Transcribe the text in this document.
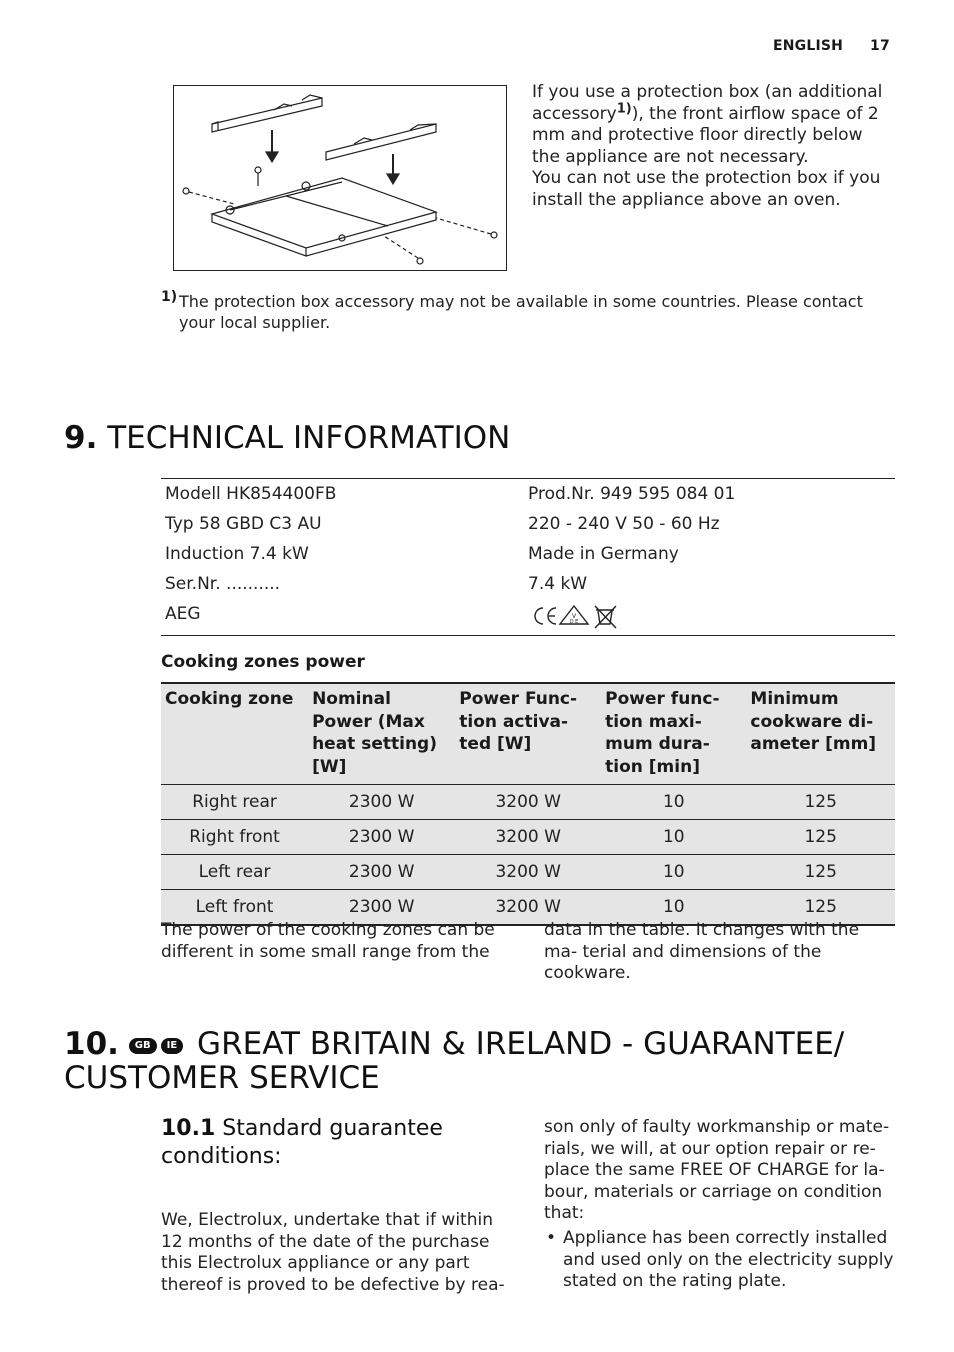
ENGLISH 17
If you use a protection box (an additional accessory$^{1)}$), the front airflow space of 2 mm and protective floor directly below the appliance are not necessary.
You can not use the protection box if you install the appliance above an oven.
1) The protection box accessory may not be available in some countries. Please contact your local supplier.
9. TECHNICAL INFORMATION
Modell HK854400FB	Prod.Nr. 949 595 084 01
Typ 58 GBD C3 AU	220 - 240 V 50 - 60 Hz
Induction 7.4 kW	Made in Germany
Ser.Nr. ..........	7.4 kW
AEG	V
D E
Cooking zones power
Cooking zone	Nominal Power (Max heat setting) [W]	Power Func- tion activa- ted [W]	Power func- tion maxi- mum dura- tion [min]	Minimum cookware di- ameter [mm]
Right rear	2300 W	3200 W	10	125
Right front	2300 W	3200 W	10	125
Left rear	2300 W	3200 W	10	125
Left front	2300 W	3200 W	10	125
The power of the cooking zones can be different in some small range from the
data in the table. It changes with the ma- terial and dimensions of the cookware.
10. GB IE GREAT BRITAIN & IRELAND - GUARANTEE/
CUSTOMER SERVICE
10.1 Standard guarantee conditions:
We, Electrolux, undertake that if within 12 months of the date of the purchase this Electrolux appliance or any part thereof is proved to be defective by rea-
son only of faulty workmanship or mate- rials, we will, at our option repair or re- place the same FREE OF CHARGE for la- bour, materials or carriage on condition that:
• Appliance has been correctly installed and used only on the electricity supply stated on the rating plate.
